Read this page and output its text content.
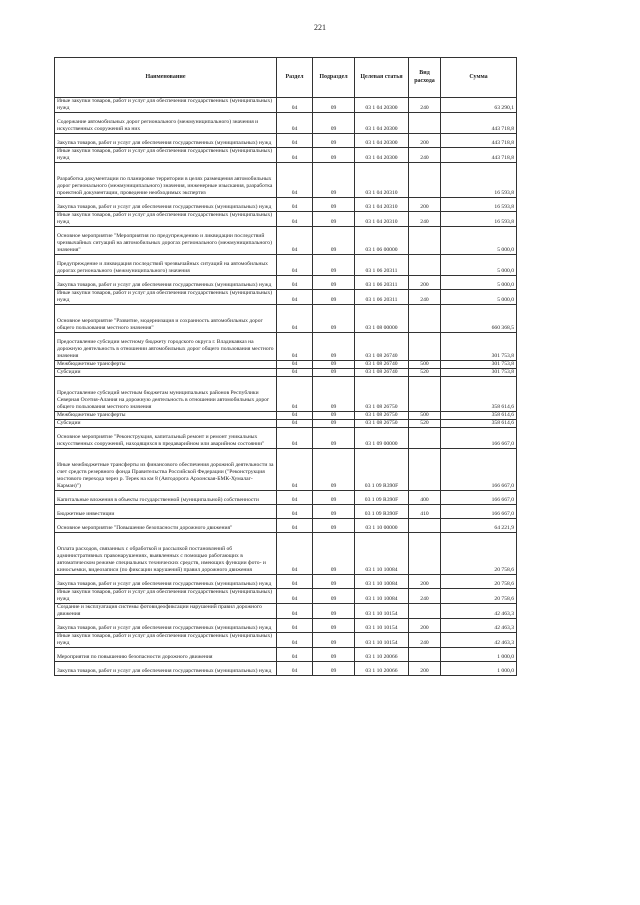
221
Наименование	Раздел	Подраздел	Целевая статья	Вид расхода	Сумма
Иные закупки товаров, работ и услуг для обеспечения государственных (муниципальных) нужд	04	09	03 1 04 20300	240	63 290,1
Содержание автомобильных дорог регионального (межмуниципального) значения и искусственных сооружений на них	04	09	03 1 04 20300		443 718,8
Закупка товаров, работ и услуг для обеспечения государственных (муниципальных) нужд	04	09	03 1 04 20300	200	443 718,8
Иные закупки товаров, работ и услуг для обеспечения государственных (муниципальных) нужд	04	09	03 1 04 20300	240	443 718,8
Разработка документации по планировке территории в целях размещения автомобильных дорог регионального (межмуниципального) значения, инженерные изыскания, разработка проектной документации, проведение необходимых экспертиз	04	09	03 1 04 20310		16 593,8
Закупка товаров, работ и услуг для обеспечения государственных (муниципальных) нужд	04	09	03 1 04 20310	200	16 593,8
Иные закупки товаров, работ и услуг для обеспечения государственных (муниципальных) нужд	04	09	03 1 04 20310	240	16 593,8
Основное мероприятие "Мероприятия по предупреждению и ликвидации последствий чрезвычайных ситуаций на автомобильных дорогах регионального (межмуниципального) значения"	04	09	03 1 06 00000		5 000,0
Предупреждение и ликвидация последствий чрезвычайных ситуаций на автомобильных дорогах регионального (межмуниципального) значения	04	09	03 1 06 20311		5 000,0
Закупка товаров, работ и услуг для обеспечения государственных (муниципальных) нужд	04	09	03 1 06 20311	200	5 000,0
Иные закупки товаров, работ и услуг для обеспечения государственных (муниципальных) нужд	04	09	03 1 06 20311	240	5 000,0
Основное мероприятие "Развитие, модернизация и сохранность автомобильных дорог общего пользования местного значения"	04	09	03 1 08 00000		660 368,5
Предоставление субсидии местному бюджету городского округа г. Владикавказ на дорожную деятельность в отношении автомобильных дорог общего пользования местного значения	04	09	03 1 08 26740		301 753,8
Межбюджетные трансферты	04	09	03 1 08 26740	500	301 753,8
Субсидии	04	09	03 1 08 26740	520	301 753,8
Предоставление субсидий местным бюджетам муниципальных районов Республики Северная Осетия-Алания на дорожную деятельность в отношении автомобильных дорог общего пользования местного значения	04	09	03 1 08 26750		358 614,6
Межбюджетные трансферты	04	09	03 1 08 26750	500	358 614,6
Субсидии	04	09	03 1 08 26750	520	358 614,6
Основное мероприятие "Реконструкция, капитальный ремонт и ремонт уникальных искусственных сооружений, находящихся в предаварийном или аварийном состоянии"	04	09	03 1 09 00000		166 667,0
Иные межбюджетные трансферты из финансового обеспечения дорожной деятельности за счет средств резервного фонда Правительства Российской Федерации ("Реконструкция мостового перехода через р. Терек на км 8 (Автодорога Архонская-БМК-Хумалаг-Карман)")	04	09	03 1 09 R390F		166 667,0
Капитальные вложения в объекты государственной (муниципальной) собственности	04	09	03 1 09 R390F	400	166 667,0
Бюджетные инвестиции	04	09	03 1 09 R390F	410	166 667,0
Основное мероприятие "Повышение безопасности дорожного движения"	04	09	03 1 10 00000		64 221,9
Оплата расходов, связанных с обработкой и рассылкой постановлений об административных правонарушениях, выявленных с помощью работающих в автоматическом режиме специальных технических средств, имеющих функции фото- и киносъемки, видеозаписи (по фиксации нарушений) правил дорожного движения	04	09	03 1 10 10084		20 758,6
Закупка товаров, работ и услуг для обеспечения государственных (муниципальных) нужд	04	09	03 1 10 10084	200	20 758,6
Иные закупки товаров, работ и услуг для обеспечения государственных (муниципальных) нужд	04	09	03 1 10 10084	240	20 758,6
Создание и эксплуатация системы фотовидеофиксации нарушений правил дорожного движения	04	09	03 1 10 10154		42 463,3
Закупка товаров, работ и услуг для обеспечения государственных (муниципальных) нужд	04	09	03 1 10 10154	200	42 463,3
Иные закупки товаров, работ и услуг для обеспечения государственных (муниципальных) нужд	04	09	03 1 10 10154	240	42 463,3
Мероприятия по повышению безопасности дорожного движения	04	09	03 1 10 20066		1 000,0
Закупка товаров, работ и услуг для обеспечения государственных (муниципальных) нужд	04	09	03 1 10 20066	200	1 000,0
